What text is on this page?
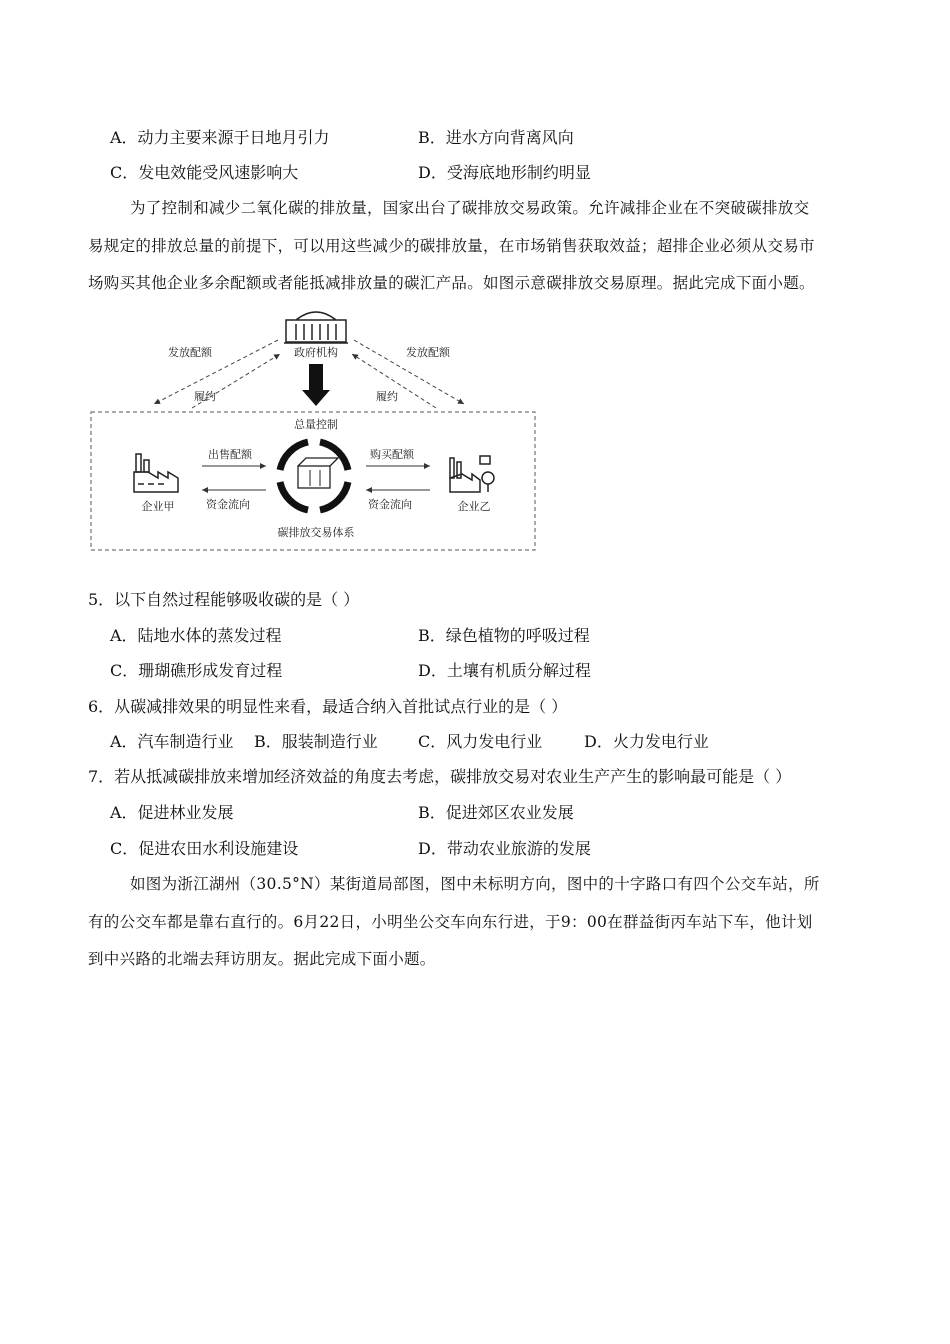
A．动力主要来源于日地月引力	B．进水方向背离风向
C．发电效能受风速影响大	D．受海底地形制约明显
为了控制和减少二氧化碳的排放量，国家出台了碳排放交易政策。允许减排企业在不突破碳排放交
易规定的排放总量的前提下，可以用这些减少的碳排放量，在市场销售获取效益；超排企业必须从交易市
场购买其他企业多余配额或者能抵减排放量的碳汇产品。如图示意碳排放交易原理。据此完成下面小题。
政府机构
发放配额	发放配额
履约	履约
总量控制
企业甲	企业乙
出售配额
资金流向
购买配额
资金流向
碳排放交易体系
5．以下自然过程能够吸收碳的是（ ）
A．陆地水体的蒸发过程	B．绿色植物的呼吸过程
C．珊瑚礁形成发育过程	D．土壤有机质分解过程
6．从碳减排效果的明显性来看，最适合纳入首批试点行业的是（ ）
A．汽车制造行业 B．服装制造行业	C．风力发电行业	D．火力发电行业
7．若从抵减碳排放来增加经济效益的角度去考虑，碳排放交易对农业生产产生的影响最可能是（ ）
A．促进林业发展	B．促进郊区农业发展
C．促进农田水利设施建设	D．带动农业旅游的发展
如图为浙江湖州（30.5°N）某街道局部图，图中未标明方向，图中的十字路口有四个公交车站，所
有的公交车都是靠右直行的。6月22日，小明坐公交车向东行进，于9：00在群益街丙车站下车，他计划
到中兴路的北端去拜访朋友。据此完成下面小题。
